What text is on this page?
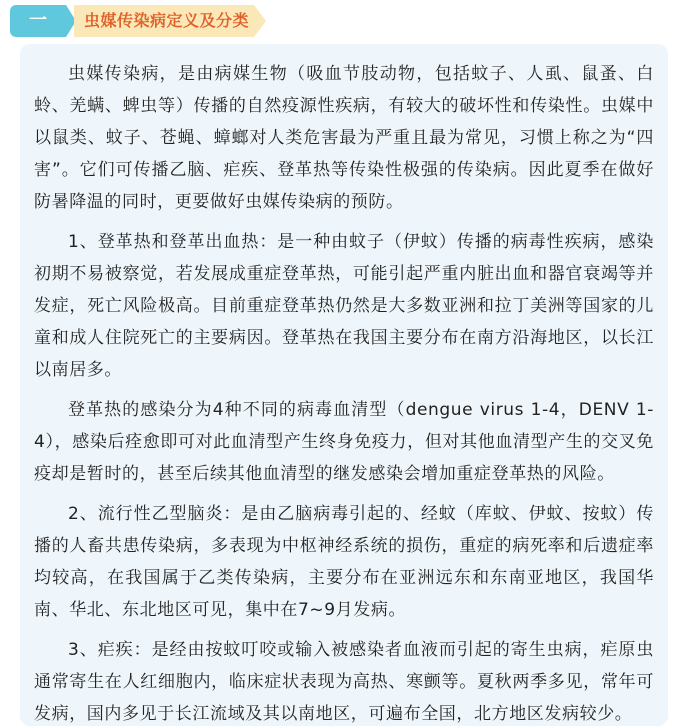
一	虫媒传染病定义及分类

虫媒传染病，是由病媒生物（吸血节肢动物，包括蚊子、人虱、鼠蚤、白蛉、羌螨、蜱虫等）传播的自然疫源性疾病，有较大的破坏性和传染性。虫媒中以鼠类、蚊子、苍蝇、蟑螂对人类危害最为严重且最为常见，习惯上称之为“四害”。它们可传播乙脑、疟疾、登革热等传染性极强的传染病。因此夏季在做好防暑降温的同时，更要做好虫媒传染病的预防。

1、登革热和登革出血热：是一种由蚊子（伊蚊）传播的病毒性疾病，感染初期不易被察觉，若发展成重症登革热，可能引起严重内脏出血和器官衰竭等并发症，死亡风险极高。目前重症登革热仍然是大多数亚洲和拉丁美洲等国家的儿童和成人住院死亡的主要病因。登革热在我国主要分布在南方沿海地区，以长江以南居多。

登革热的感染分为4种不同的病毒血清型（dengue virus 1-4，DENV 1-4），感染后痊愈即可对此血清型产生终身免疫力，但对其他血清型产生的交叉免疫却是暂时的，甚至后续其他血清型的继发感染会增加重症登革热的风险。

2、流行性乙型脑炎：是由乙脑病毒引起的、经蚊（库蚊、伊蚊、按蚊）传播的人畜共患传染病，多表现为中枢神经系统的损伤，重症的病死率和后遗症率均较高，在我国属于乙类传染病，主要分布在亚洲远东和东南亚地区，我国华南、华北、东北地区可见，集中在7~9月发病。

3、疟疾：是经由按蚊叮咬或输入被感染者血液而引起的寄生虫病，疟原虫通常寄生在人红细胞内，临床症状表现为高热、寒颤等。夏秋两季多见，常年可发病，国内多见于长江流域及其以南地区，可遍布全国，北方地区发病较少。
